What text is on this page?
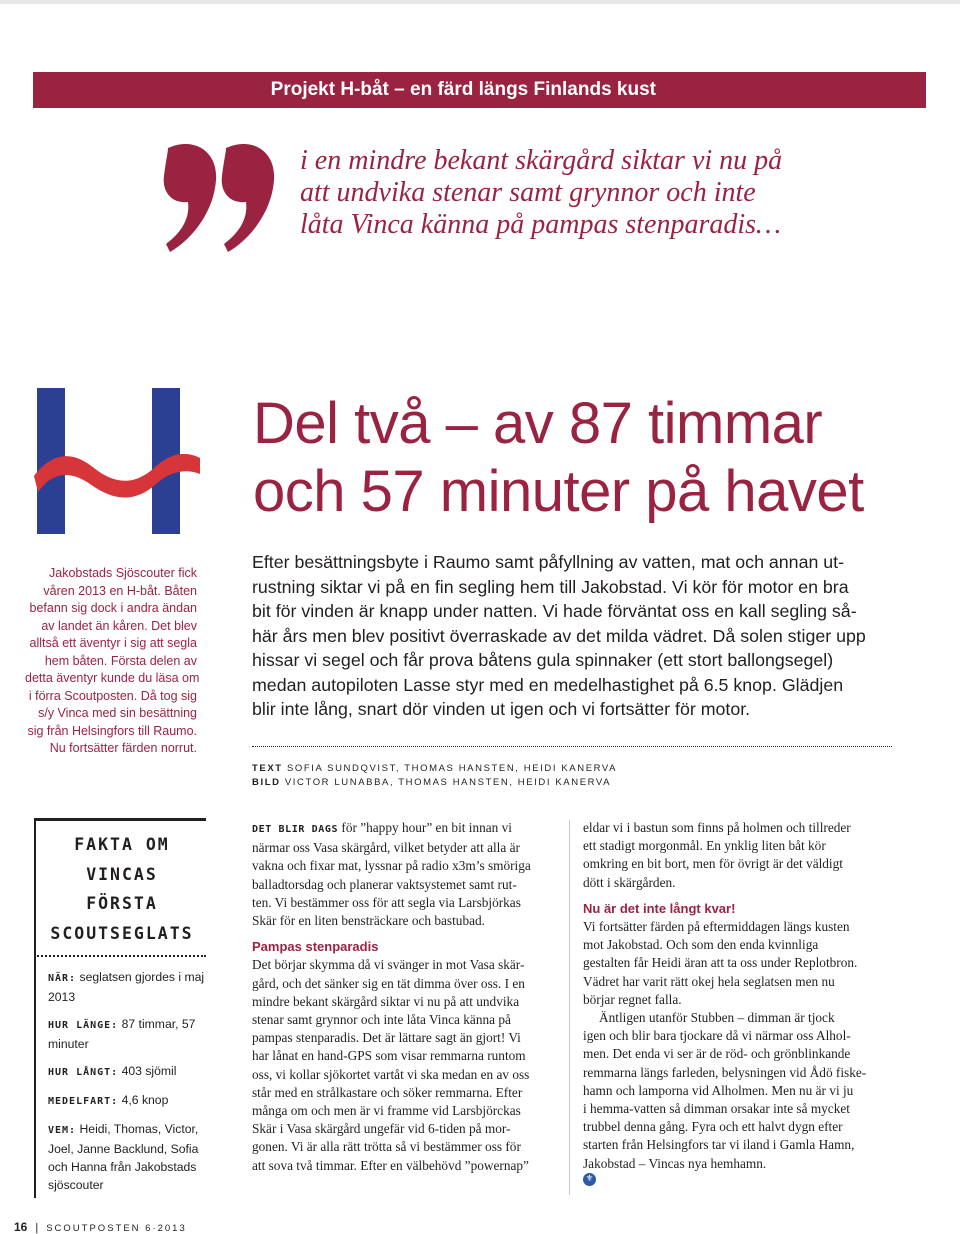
Projekt H-båt – en färd längs Finlands kust
i en mindre bekant skärgård siktar vi nu på
att undvika stenar samt grynnor och inte
låta Vinca känna på pampas stenparadis…
Del två – av 87 timmar
och 57 minuter på havet
Jakobstads Sjöscouter fick
våren 2013 en H-båt. Båten
befann sig dock i andra ändan
av landet än kåren. Det blev
alltså ett äventyr i sig att segla
hem båten. Första delen av
detta äventyr kunde du läsa om
i förra Scoutposten. Då tog sig
s/y Vinca med sin besättning
sig från Helsingfors till Raumo.
Nu fortsätter färden norrut.
Efter besättningsbyte i Raumo samt påfyllning av vatten, mat och annan ut-
rustning siktar vi på en fin segling hem till Jakobstad. Vi kör för motor en bra
bit för vinden är knapp under natten. Vi hade förväntat oss en kall segling så-
här års men blev positivt överraskade av det milda vädret. Då solen stiger upp
hissar vi segel och får prova båtens gula spinnaker (ett stort ballongsegel)
medan autopiloten Lasse styr med en medelhastighet på 6.5 knop. Glädjen
blir inte lång, snart dör vinden ut igen och vi fortsätter för motor.
TEXT SOFIA SUNDQVIST, THOMAS HANSTEN, HEIDI KANERVA
BILD VICTOR LUNABBA, THOMAS HANSTEN, HEIDI KANERVA
FAKTA OM
VINCAS
FÖRSTA
SCOUTSEGLATS

NÄR: seglatsen gjordes i maj 2013

HUR LÄNGE: 87 timmar, 57 minuter

HUR LÅNGT: 403 sjömil

MEDELFART: 4,6 knop

VEM: Heidi, Thomas, Victor, Joel, Janne Backlund, Sofia och Hanna från Jakobstads sjöscouter

DET BLIR DAGS för ”happy hour” en bit innan vi
närmar oss Vasa skärgård, vilket betyder att alla är
vakna och fixar mat, lyssnar på radio x3m’s smöriga
balladtorsdag och planerar vaktsystemet samt rut-
ten. Vi bestämmer oss för att segla via Larsbjörkas
Skär för en liten bensträckare och bastubad.
Pampas stenparadis
Det börjar skymma då vi svänger in mot Vasa skär-
gård, och det sänker sig en tät dimma över oss. I en
mindre bekant skärgård siktar vi nu på att undvika
stenar samt grynnor och inte låta Vinca känna på
pampas stenparadis. Det är lättare sagt än gjort! Vi
har lånat en hand-GPS som visar remmarna runtom
oss, vi kollar sjökortet vartåt vi ska medan en av oss
står med en strålkastare och söker remmarna. Efter
många om och men är vi framme vid Larsbjörckas
Skär i Vasa skärgård ungefär vid 6-tiden på mor-
gonen. Vi är alla rätt trötta så vi bestämmer oss för
att sova två timmar. Efter en välbehövd ”powernap”
eldar vi i bastun som finns på holmen och tillreder
ett stadigt morgonmål. En ynklig liten båt kör
omkring en bit bort, men för övrigt är det väldigt
dött i skärgården.
Nu är det inte långt kvar!
Vi fortsätter färden på eftermiddagen längs kusten
mot Jakobstad. Och som den enda kvinnliga
gestalten får Heidi äran att ta oss under Replotbron.
Vädret har varit rätt okej hela seglatsen men nu
börjar regnet falla.
Äntligen utanför Stubben – dimman är tjock
igen och blir bara tjockare då vi närmar oss Alhol-
men. Det enda vi ser är de röd- och grönblinkande
remmarna längs farleden, belysningen vid Ådö fiske-
hamn och lamporna vid Alholmen. Men nu är vi ju
i hemma-vatten så dimman orsakar inte så mycket
trubbel denna gång. Fyra och ett halvt dygn efter
starten från Helsingfors tar vi iland i Gamla Hamn,
Jakobstad – Vincas nya hemhamn.
⚜
16 | SCOUTPOSTEN 6·2013
